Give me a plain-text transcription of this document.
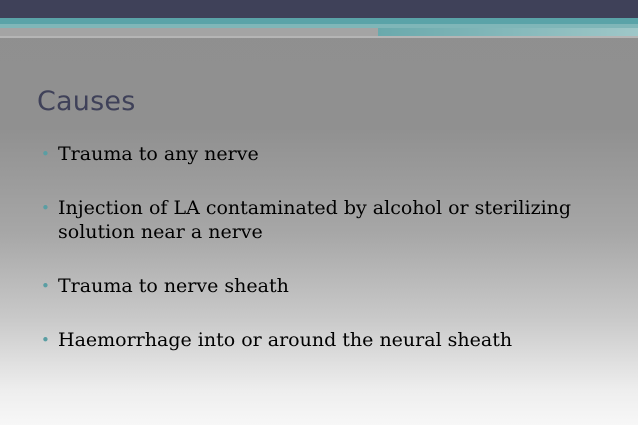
Causes
• Trauma to any nerve
• Injection of LA contaminated by alcohol or sterilizing solution near a nerve
• Trauma to nerve sheath
• Haemorrhage into or around the neural sheath
